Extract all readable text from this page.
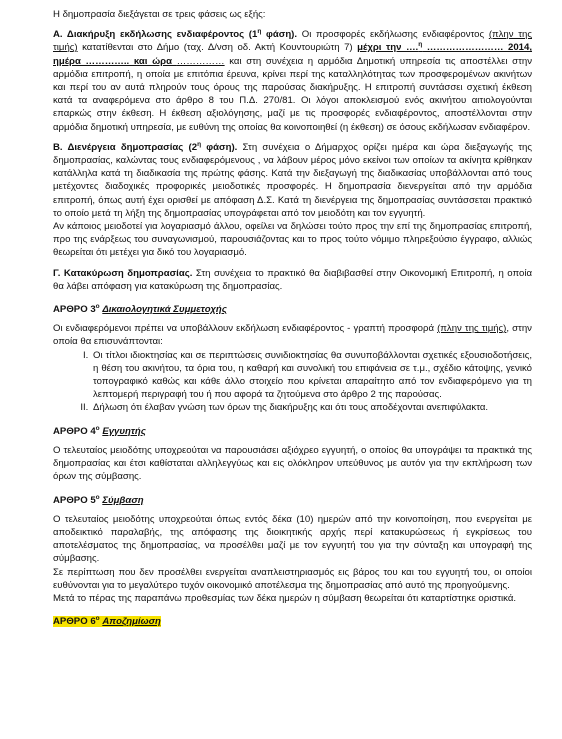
Η δημοπρασία διεξάγεται σε τρεις φάσεις ως εξής:

Α. Διακήρυξη εκδήλωσης ενδιαφέροντος ($1^\eta$ φάση). Οι προσφορές εκδήλωσης ενδιαφέροντος (πλην της τιμής) κατατίθενται στο Δήμο (ταχ. Δ/νση οδ. Ακτή Κουντουριώτη 7) μέχρι την ….$^\eta$ …………………… 2014, ημέρα ………….. και ώρα …………… και στη συνέχεια η αρμόδια Δημοτική υπηρεσία τις αποστέλλει στην αρμόδια επιτροπή, η οποία με επιτόπια έρευνα, κρίνει περί της καταλληλότητας των προσφερομένων ακινήτων και περί του αν αυτά πληρούν τους όρους της παρούσας διακήρυξης. Η επιτροπή συντάσσει σχετική έκθεση κατά τα αναφερόμενα στο άρθρο 8 του Π.Δ. 270/81. Οι λόγοι αποκλεισμού ενός ακινήτου αιτιολογούνται επαρκώς στην έκθεση. Η έκθεση αξιολόγησης, μαζί με τις προσφορές ενδιαφέροντος, αποστέλλονται στην αρμόδια δημοτική υπηρεσία, με ευθύνη της οποίας θα κοινοποιηθεί (η έκθεση) σε όσους εκδήλωσαν ενδιαφέρον.

Β. Διενέργεια δημοπρασίας ($2^\eta$ φάση). Στη συνέχεια ο Δήμαρχος ορίζει ημέρα και ώρα διεξαγωγής της δημοπρασίας, καλώντας τους ενδιαφερόμενους , να λάβουν μέρος μόνο εκείνοι των οποίων τα ακίνητα κρίθηκαν κατάλληλα κατά τη διαδικασία της πρώτης φάσης. Κατά την διεξαγωγή της διαδικασίας υποβάλλονται από τους μετέχοντες διαδοχικές προφορικές μειοδοτικές προσφορές. Η δημοπρασία διενεργείται από την αρμόδια επιτροπή, όπως αυτή έχει ορισθεί με απόφαση Δ.Σ. Κατά τη διενέργεια της δημοπρασίας συντάσσεται πρακτικό το οποίο μετά τη λήξη της δημοπρασίας υπογράφεται από τον μειοδότη και τον εγγυητή.

Αν κάποιος μειοδοτεί για λογαριασμό άλλου, οφείλει να δηλώσει τούτο προς την επί της δημοπρασίας επιτροπή, προ της ενάρξεως του συναγωνισμού, παρουσιάζοντας και το προς τούτο νόμιμο πληρεξούσιο έγγραφο, αλλιώς θεωρείται ότι μετέχει για δικό του λογαριασμό.

Γ. Κατακύρωση δημοπρασίας. Στη συνέχεια το πρακτικό θα διαβιβασθεί στην Οικονομική Επιτροπή, η οποία θα λάβει απόφαση για κατακύρωση της δημοπρασίας.

ΑΡΘΡΟ $3^o$ Δικαιολογητικά Συμμετοχής

Οι ενδιαφερόμενοι πρέπει να υποβάλλουν εκδήλωση ενδιαφέροντος - γραπτή προσφορά (πλην της τιμής), στην οποία θα επισυνάπτονται:

I. Οι τίτλοι ιδιοκτησίας και σε περιπτώσεις συνιδιοκτησίας θα συνυποβάλλονται σχετικές εξουσιοδοτήσεις, η θέση του ακινήτου, τα όρια του, η καθαρή και συνολική του επιφάνεια σε τ.μ., σχέδιο κάτοψης, γενικό τοπογραφικό καθώς και κάθε άλλο στοιχείο που κρίνεται απαραίτητο από τον ενδιαφερόμενο για τη λεπτομερή περιγραφή του ή που αφορά τα ζητούμενα στο άρθρο 2 της παρούσας.
II. Δήλωση ότι έλαβαν γνώση των όρων της διακήρυξης και ότι τους αποδέχονται ανεπιφύλακτα.
ΑΡΘΡΟ $4^o$ Εγγυητής

Ο τελευταίος μειοδότης υποχρεούται να παρουσιάσει αξιόχρεο εγγυητή, ο οποίος θα υπογράψει τα πρακτικά της δημοπρασίας και έτσι καθίσταται αλληλεγγύως και εις ολόκληρον υπεύθυνος με αυτόν για την εκπλήρωση των όρων της σύμβασης.

ΑΡΘΡΟ $5^o$ Σύμβαση

Ο τελευταίος μειοδότης υποχρεούται όπως εντός δέκα (10) ημερών από την κοινοποίηση, που ενεργείται με αποδεικτικό παραλαβής, της απόφασης της διοικητικής αρχής περί κατακυρώσεως ή εγκρίσεως του αποτελέσματος της δημοπρασίας, να προσέλθει μαζί με τον εγγυητή του για την σύνταξη και υπογραφή της σύμβασης.

Σε περίπτωση που δεν προσέλθει ενεργείται αναπλειστηριασμός εις βάρος του και του εγγυητή του, οι οποίοι ευθύνονται για το μεγαλύτερο τυχόν οικονομικό αποτέλεσμα της δημοπρασίας από αυτό της προηγούμενης.

Μετά το πέρας της παραπάνω προθεσμίας των δέκα ημερών η σύμβαση θεωρείται ότι καταρτίστηκε οριστικά.

ΑΡΘΡΟ $6^o$ Αποζημίωση
